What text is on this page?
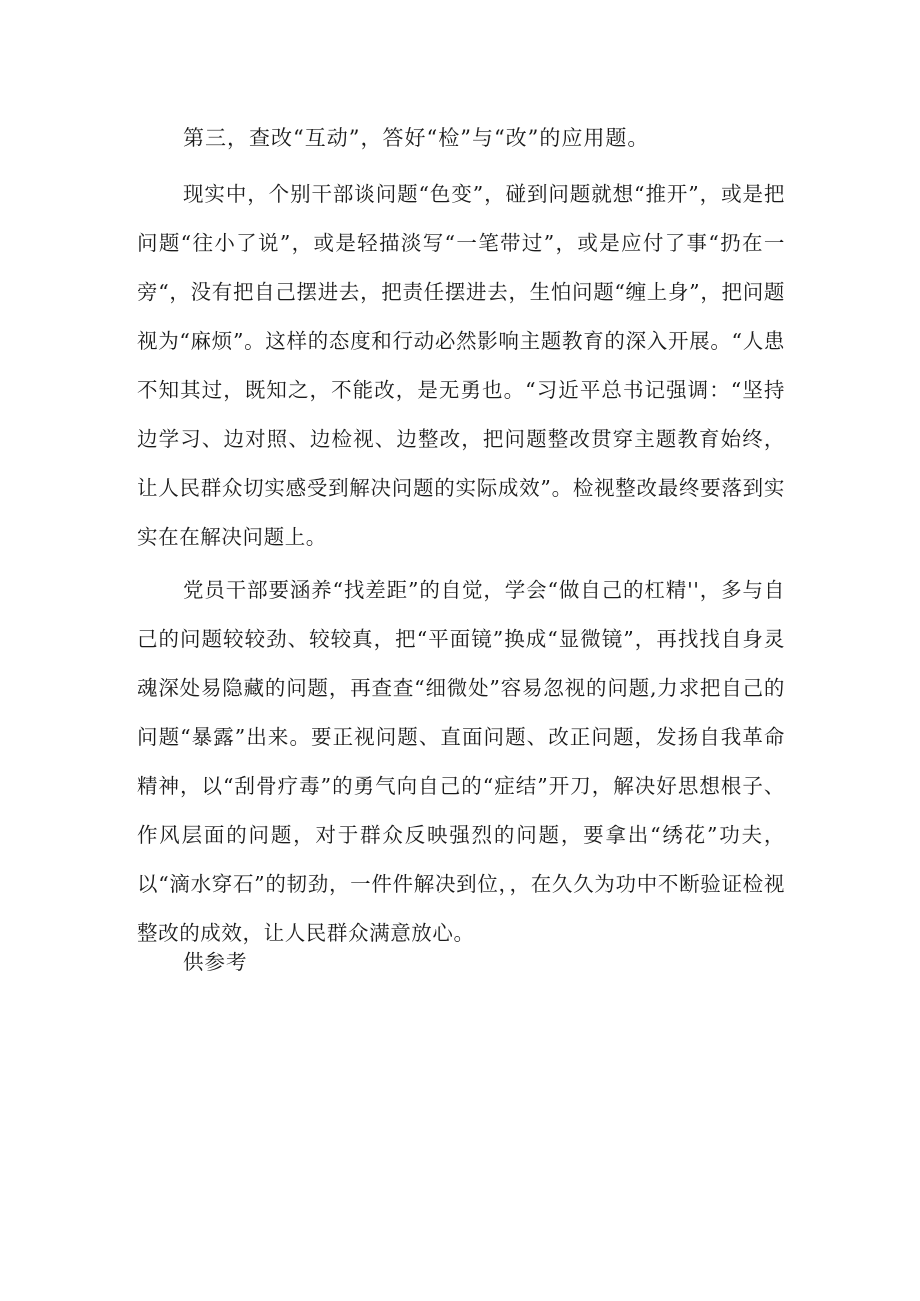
第三，查改“互动”，答好“检”与“改”的应用题。

现实中，个别干部谈问题“色变”，碰到问题就想“推开”，或是把问题“往小了说”，或是轻描淡写“一笔带过”，或是应付了事“扔在一旁“，没有把自己摆进去，把责任摆进去，生怕问题“缠上身”，把问题视为“麻烦”。这样的态度和行动必然影响主题教育的深入开展。“人患不知其过，既知之，不能改，是无勇也。“习近平总书记强调：“坚持边学习、边对照、边检视、边整改，把问题整改贯穿主题教育始终，让人民群众切实感受到解决问题的实际成效”。检视整改最终要落到实实在在解决问题上。

党员干部要涵养“找差距”的自觉，学会“做自己的杠精''，多与自己的问题较较劲、较较真，把“平面镜”换成“显微镜”，再找找自身灵魂深处易隐藏的问题，再查查“细微处”容易忽视的问题,力求把自己的问题“暴露”出来。要正视问题、直面问题、改正问题，发扬自我革命精神，以“刮骨疗毒”的勇气向自己的“症结”开刀，解决好思想根子、作风层面的问题，对于群众反映强烈的问题，要拿出“绣花”功夫，以“滴水穿石”的韧劲，一件件解决到位，，在久久为功中不断验证检视整改的成效，让人民群众满意放心。

供参考
